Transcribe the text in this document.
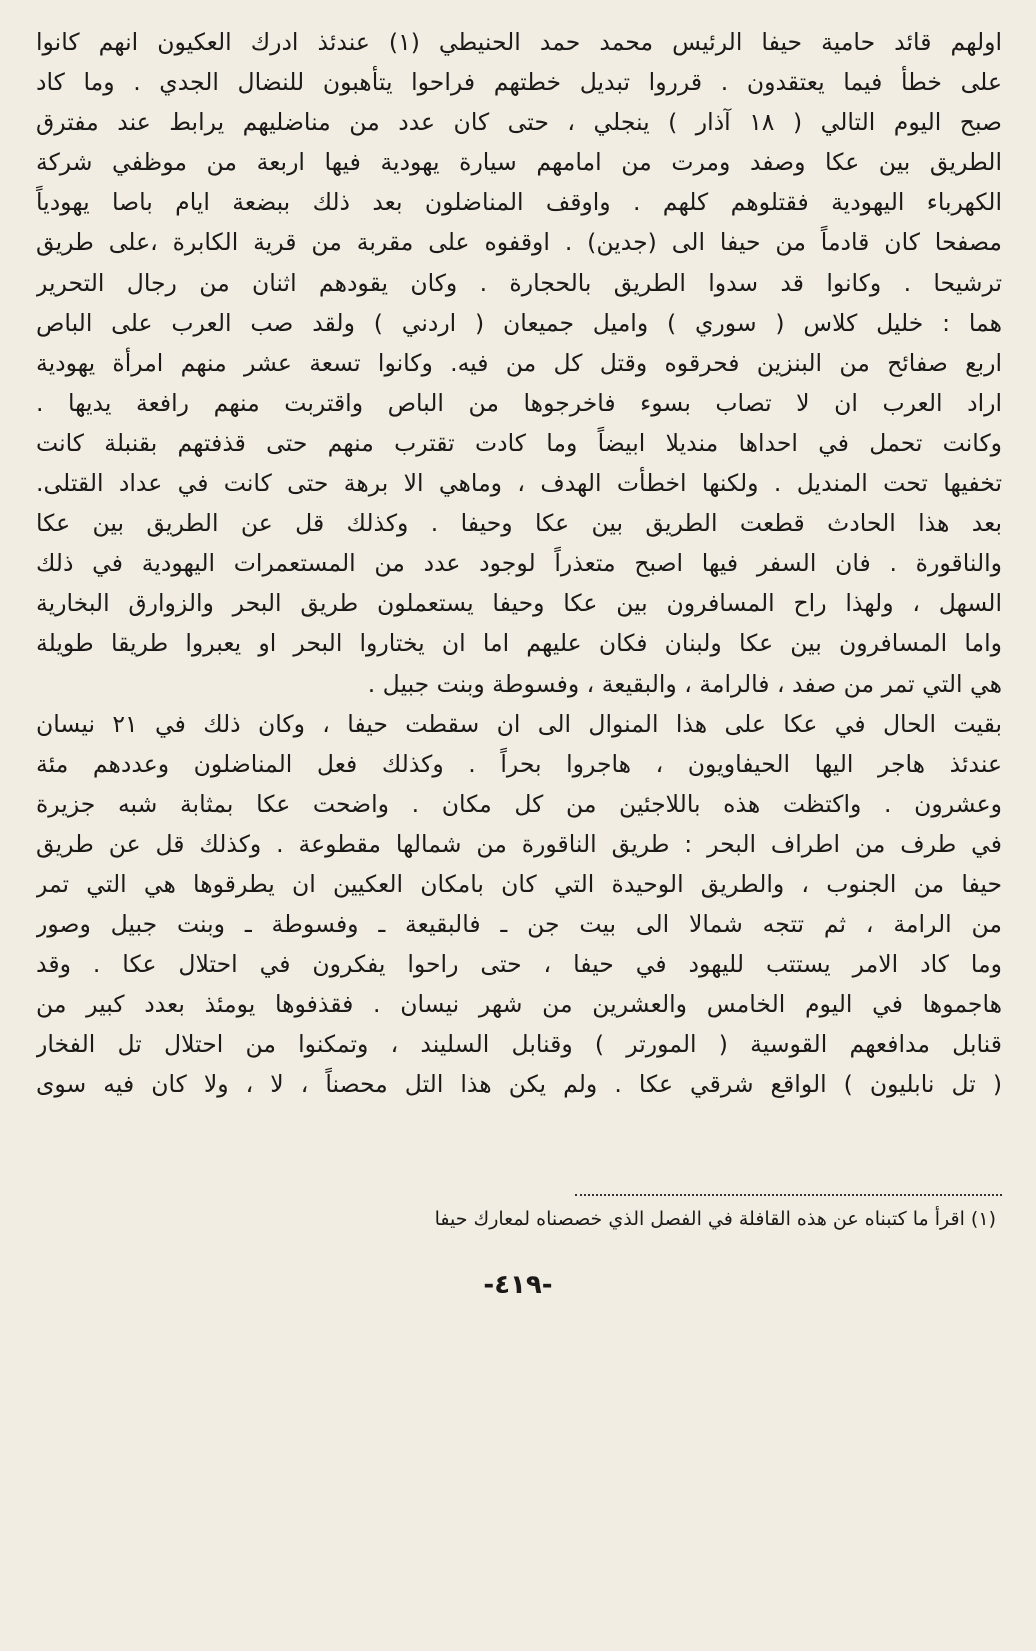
اولهم قائد حامية حيفا الرئيس محمد حمد الحنيطي (١) عندئذ ادرك العكيون انهم كانوا
على خطأ فيما يعتقدون . قرروا تبديل خطتهم فراحوا يتأهبون للنضال الجدي . وما كاد
صبح اليوم التالي ( ١٨ آذار ) ينجلي ، حتى كان عدد من مناضليهم يرابط عند مفترق
الطريق بين عكا وصفد ومرت من امامهم سيارة يهودية فيها اربعة من موظفي شركة
الكهرباء اليهودية فقتلوهم كلهم . واوقف المناضلون بعد ذلك ببضعة ايام باصا يهودياً
مصفحا كان قادماً من حيفا الى (جدين) . اوقفوه على مقربة من قرية الكابرة ،على طريق
ترشيحا . وكانوا قد سدوا الطريق بالحجارة . وكان يقودهم اثنان من رجال التحرير
هما : خليل كلاس ( سوري ) واميل جميعان ( اردني ) ولقد صب العرب على الباص
اربع صفائح من البنزين فحرقوه وقتل كل من فيه. وكانوا تسعة عشر منهم امرأة يهودية
اراد العرب ان لا تصاب بسوء فاخرجوها من الباص واقتربت منهم رافعة يديها .
وكانت تحمل في احداها منديلا ابيضاً وما كادت تقترب منهم حتى قذفتهم بقنبلة كانت
تخفيها تحت المنديل . ولكنها اخطأت الهدف ، وماهي الا برهة حتى كانت في عداد القتلى.
بعد هذا الحادث قطعت الطريق بين عكا وحيفا . وكذلك قل عن الطريق بين عكا
والناقورة . فان السفر فيها اصبح متعذراً لوجود عدد من المستعمرات اليهودية في ذلك
السهل ، ولهذا راح المسافرون بين عكا وحيفا يستعملون طريق البحر والزوارق البخارية
واما المسافرون بين عكا ولبنان فكان عليهم اما ان يختاروا البحر او يعبروا طريقا طويلة
هي التي تمر من صفد ، فالرامة ، والبقيعة ، وفسوطة وبنت جبيل .
بقيت الحال في عكا على هذا المنوال الى ان سقطت حيفا ، وكان ذلك في ٢١ نيسان
عندئذ هاجر اليها الحيفاويون ، هاجروا بحراً . وكذلك فعل المناضلون وعددهم مئة
وعشرون . واكتظت هذه باللاجئين من كل مكان . واضحت عكا بمثابة شبه جزيرة
في طرف من اطراف البحر : طريق الناقورة من شمالها مقطوعة . وكذلك قل عن طريق
حيفا من الجنوب ، والطريق الوحيدة التي كان بامكان العكيين ان يطرقوها هي التي تمر
من الرامة ، ثم تتجه شمالا الى بيت جن ـ فالبقيعة ـ وفسوطة ـ وبنت جبيل وصور
وما كاد الامر يستتب لليهود في حيفا ، حتى راحوا يفكرون في احتلال عكا . وقد
هاجموها في اليوم الخامس والعشرين من شهر نيسان . فقذفوها يومئذ بعدد كبير من
قنابل مدافعهم القوسية ( المورتر ) وقنابل السليند ، وتمكنوا من احتلال تل الفخار
( تل نابليون ) الواقع شرقي عكا . ولم يكن هذا التل محصناً ، لا ، ولا كان فيه سوى
(١) اقرأ ما كتبناه عن هذه القافلة في الفصل الذي خصصناه لمعارك حيفا
-٤١٩-
